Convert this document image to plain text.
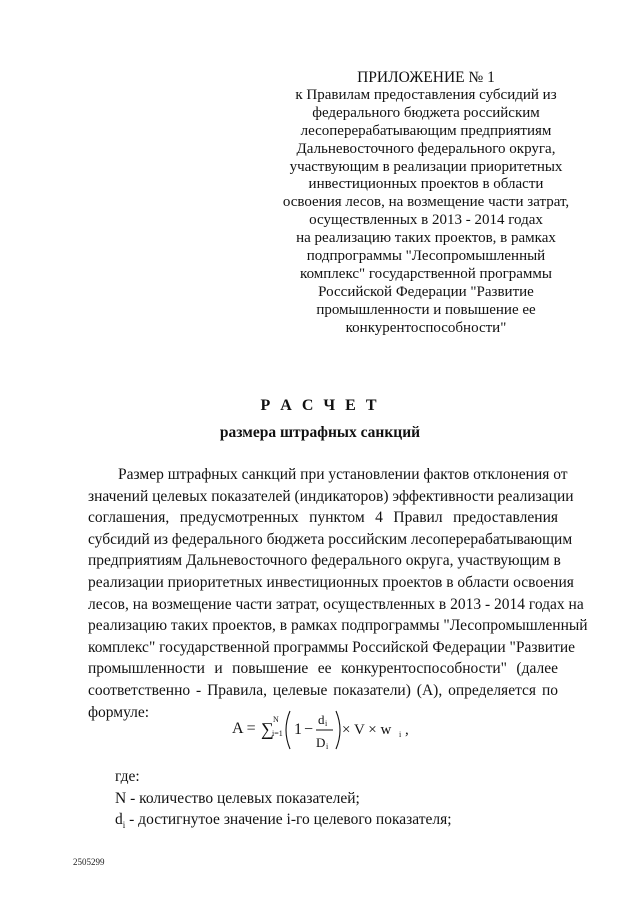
ПРИЛОЖЕНИЕ № 1
к Правилам предоставления субсидий из
федерального бюджета российским
лесоперерабатывающим предприятиям
Дальневосточного федерального округа,
участвующим в реализации приоритетных
инвестиционных проектов в области
освоения лесов, на возмещение части затрат,
осуществленных в 2013 - 2014 годах
на реализацию таких проектов, в рамках
подпрограммы "Лесопромышленный
комплекс" государственной программы
Российской Федерации "Развитие
промышленности и повышение ее
конкурентоспособности"
Р А С Ч Е Т
размера штрафных санкций
Размер штрафных санкций при установлении фактов отклонения от
значений целевых показателей (индикаторов) эффективности реализации
соглашения, предусмотренных пунктом 4 Правил предоставления
субсидий из федерального бюджета российским лесоперерабатывающим
предприятиям Дальневосточного федерального округа, участвующим в
реализации приоритетных инвестиционных проектов в области освоения
лесов, на возмещение части затрат, осуществленных в 2013 - 2014 годах на
реализацию таких проектов, в рамках подпрограммы "Лесопромышленный
комплекс" государственной программы Российской Федерации "Развитие
промышленности и повышение ее конкурентоспособности" (далее
соответственно - Правила, целевые показатели) (А), определяется по
формуле:
A = ∑ N
i=1 1 −
d i
D i
× V × w i ,
где:
N - количество целевых показателей;
$d_i$ - достигнутое значение i-го целевого показателя;
2505299
